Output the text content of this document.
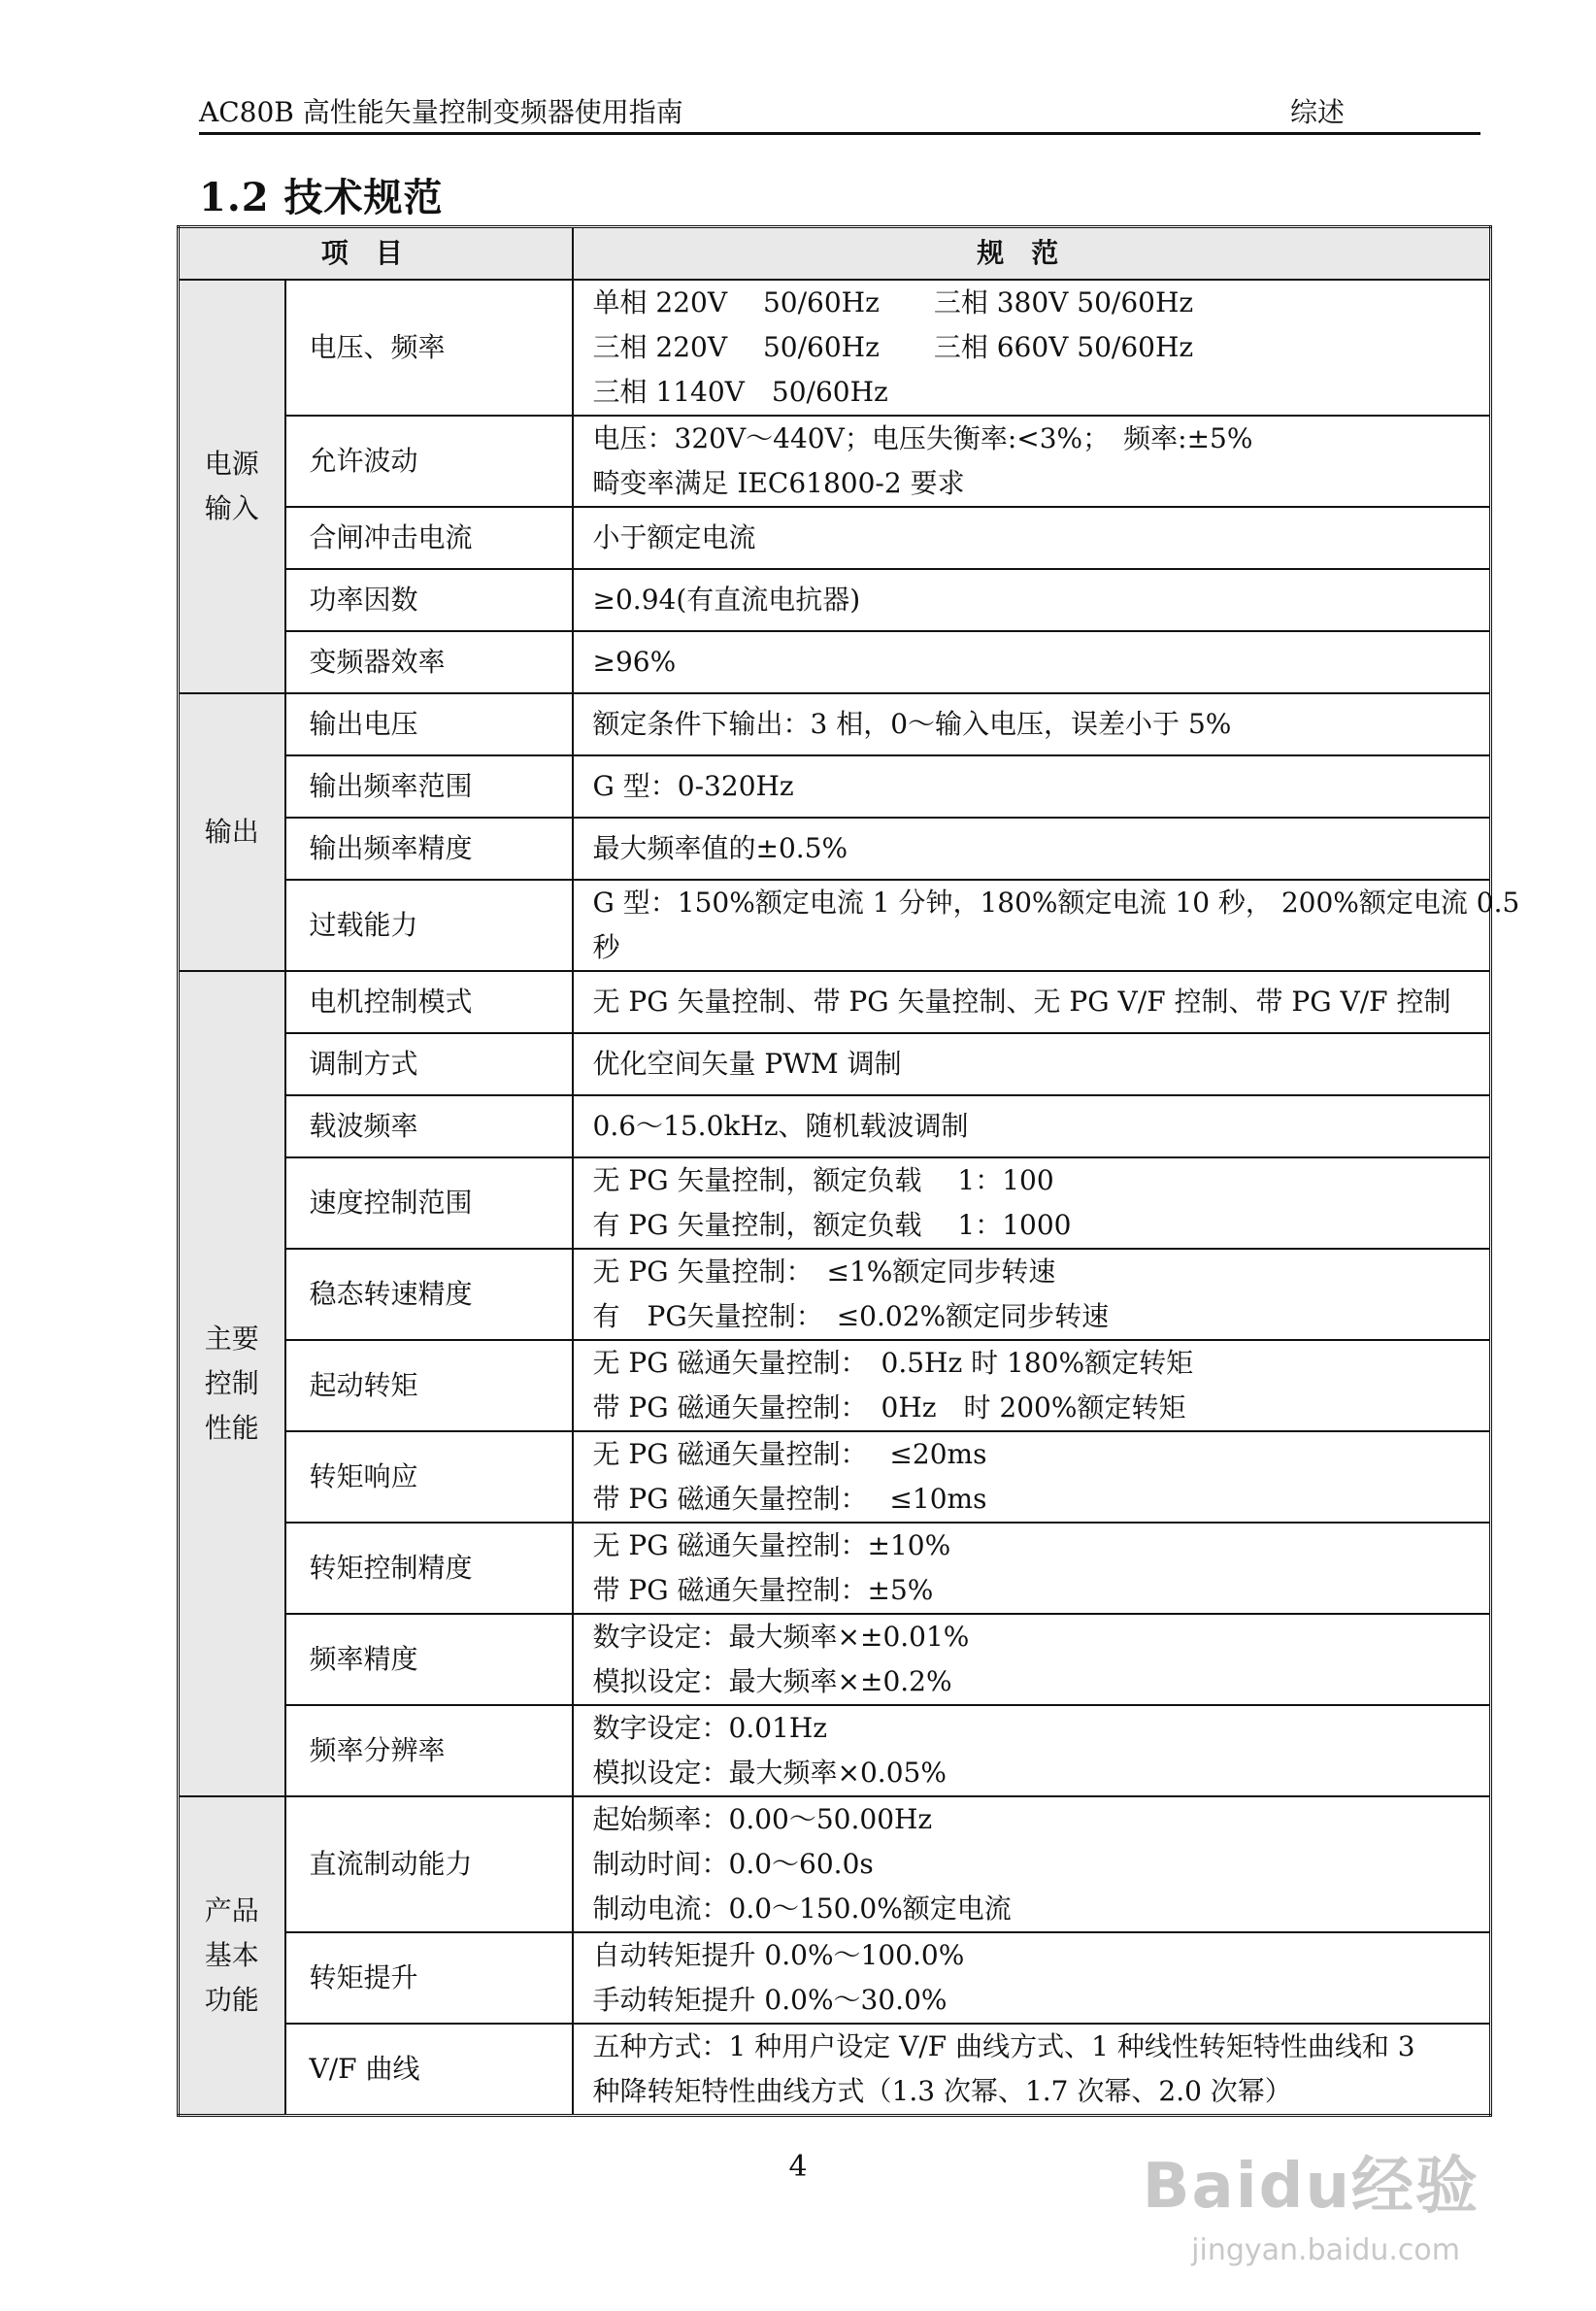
AC80B 高性能矢量控制变频器使用指南	综述
1.2 技术规范
项目		规范

电源
输入	电压、频率	单相 220V　 50/60Hz　　三相 380V 50/60Hz
三相 220V　 50/60Hz　　三相 660V 50/60Hz
三相 1140V　50/60Hz

	允许波动	电压：320V～440V；电压失衡率:<3%；　频率:±5%
畸变率满足 IEC61800-2 要求

	合闸冲击电流	小于额定电流

	功率因数	≥0.94(有直流电抗器)

	变频器效率	≥96%

输出	输出电压	额定条件下输出：3 相，0～输入电压，误差小于 5%

	输出频率范围	G 型：0-320Hz

	输出频率精度	最大频率值的±0.5%

	过载能力	G 型：150%额定电流 1 分钟，180%额定电流 10 秒， 200%额定电流 0.5
秒

主要
控制
性能	电机控制模式	无 PG 矢量控制、带 PG 矢量控制、无 PG V/F 控制、带 PG V/F 控制

	调制方式	优化空间矢量 PWM 调制

	载波频率	0.6～15.0kHz、随机载波调制

	速度控制范围	无 PG 矢量控制，额定负载　 1：100
有 PG 矢量控制，额定负载　 1：1000

	稳态转速精度	无 PG 矢量控制：　≤1%额定同步转速
有　PG矢量控制：　≤0.02%额定同步转速

	起动转矩	无 PG 磁通矢量控制：　0.5Hz 时 180%额定转矩
带 PG 磁通矢量控制：　0Hz　时 200%额定转矩

	转矩响应	无 PG 磁通矢量控制：　 ≤20ms
带 PG 磁通矢量控制：　 ≤10ms

	转矩控制精度	无 PG 磁通矢量控制：±10%
带 PG 磁通矢量控制：±5%

	频率精度	数字设定：最大频率×±0.01%
模拟设定：最大频率×±0.2%

	频率分辨率	数字设定：0.01Hz
模拟设定：最大频率×0.05%

产品
基本
功能	直流制动能力	起始频率：0.00～50.00Hz
制动时间：0.0～60.0s
制动电流：0.0～150.0%额定电流

	转矩提升	自动转矩提升 0.0%～100.0%
手动转矩提升 0.0%～30.0%

	V/F 曲线	五种方式：1 种用户设定 V/F 曲线方式、1 种线性转矩特性曲线和 3
种降转矩特性曲线方式（1.3 次幂、1.7 次幂、2.0 次幂）
4	Baidu经验
jingyan.baidu.com
